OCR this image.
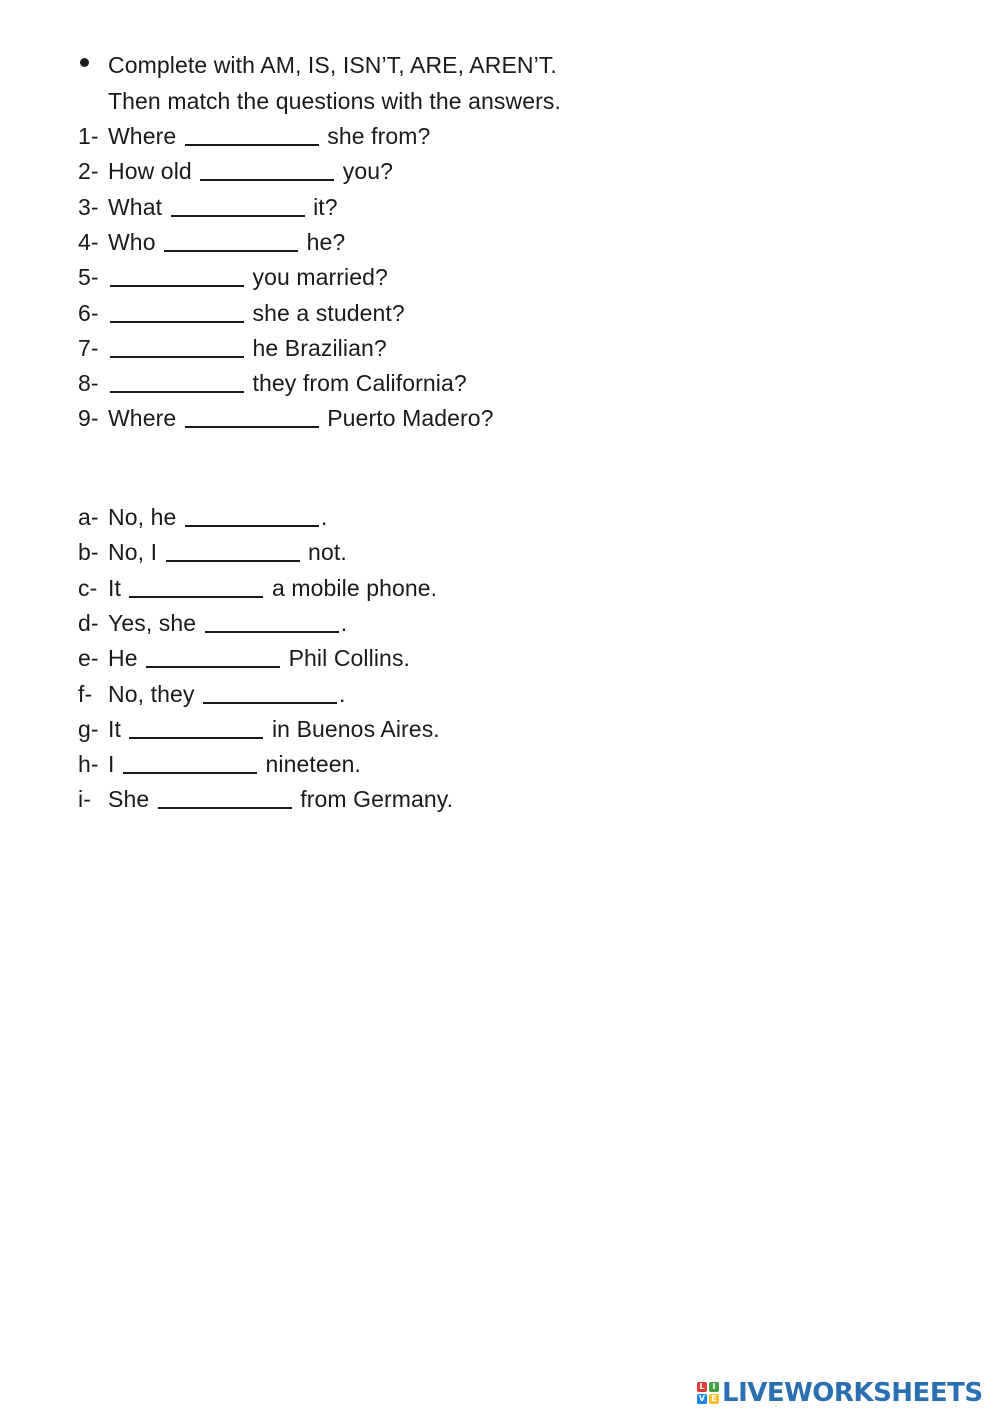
Complete with AM, IS, ISN’T, ARE, AREN’T.
Then match the questions with the answers.
1- Where	she from?
2- How old	you?
3- What	it?
4- Who	he?
5-	you married?
6-	she a student?
7-	he Brazilian?
8-	they from California?
9- Where	Puerto Madero?
a- No, he	.
b- No, I	not.
c- It	a mobile phone.
d- Yes, she	.
e- He	Phil Collins.
f- No, they	.
g- It	in Buenos Aires.
h- I	nineteen.
i- She	from Germany.
L I
V E LIVEWORKSHEETS
